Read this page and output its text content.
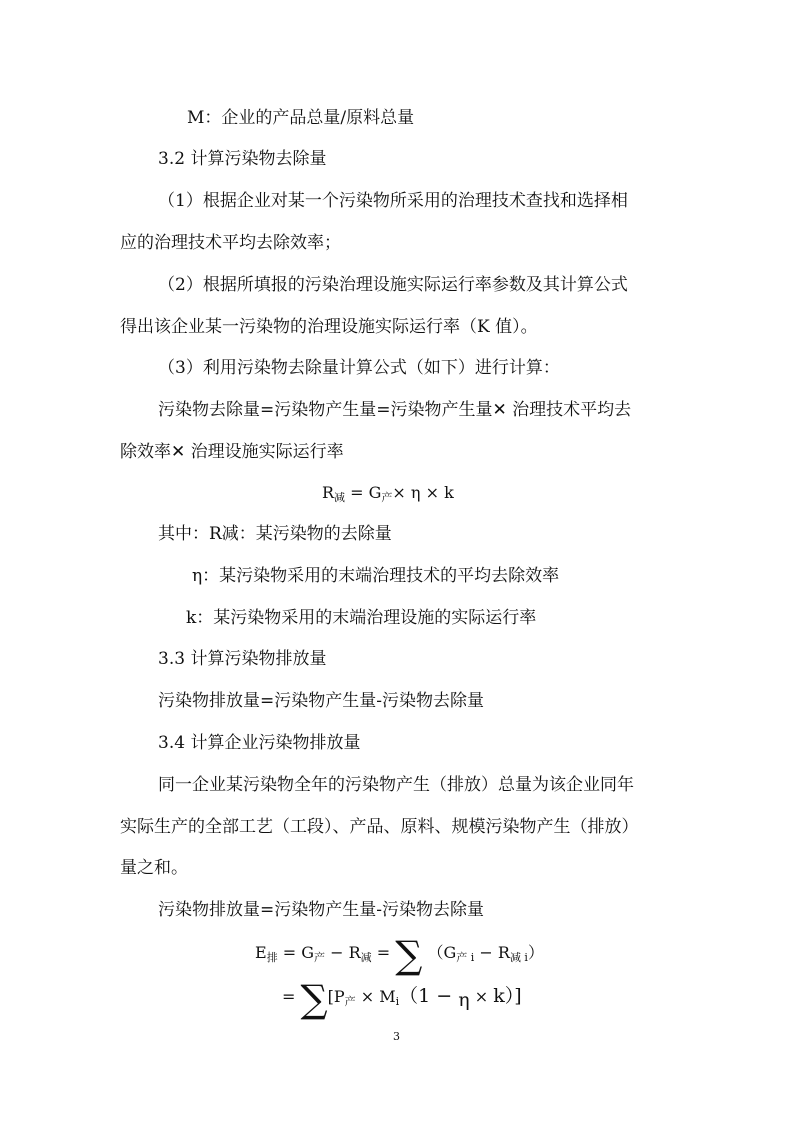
M：企业的产品总量/原料总量
3.2 计算污染物去除量
（1）根据企业对某一个污染物所采用的治理技术查找和选择相
应的治理技术平均去除效率；
（2）根据所填报的污染治理设施实际运行率参数及其计算公式
得出该企业某一污染物的治理设施实际运行率（K 值）。
（3）利用污染物去除量计算公式（如下）进行计算：
污染物去除量=污染物产生量=污染物产生量✕ 治理技术平均去
除效率✕ 治理设施实际运行率
$R_减 = G_产\times \eta \times k$
其中：R减：某污染物的去除量
η：某污染物采用的末端治理技术的平均去除效率
k：某污染物采用的末端治理设施的实际运行率
3.3 计算污染物排放量
污染物排放量=污染物产生量-污染物去除量
3.4 计算企业污染物排放量
同一企业某污染物全年的污染物产生（排放）总量为该企业同年
实际生产的全部工艺（工段）、产品、原料、规模污染物产生（排放）
量之和。
污染物排放量=污染物产生量-污染物去除量
$E_排 = G_产 - R_减$ = ∑ $(G_{产 i} - R_{减 i})$
= $\sum[P_产 \times M_i(1 - \eta \times k)]$
3
